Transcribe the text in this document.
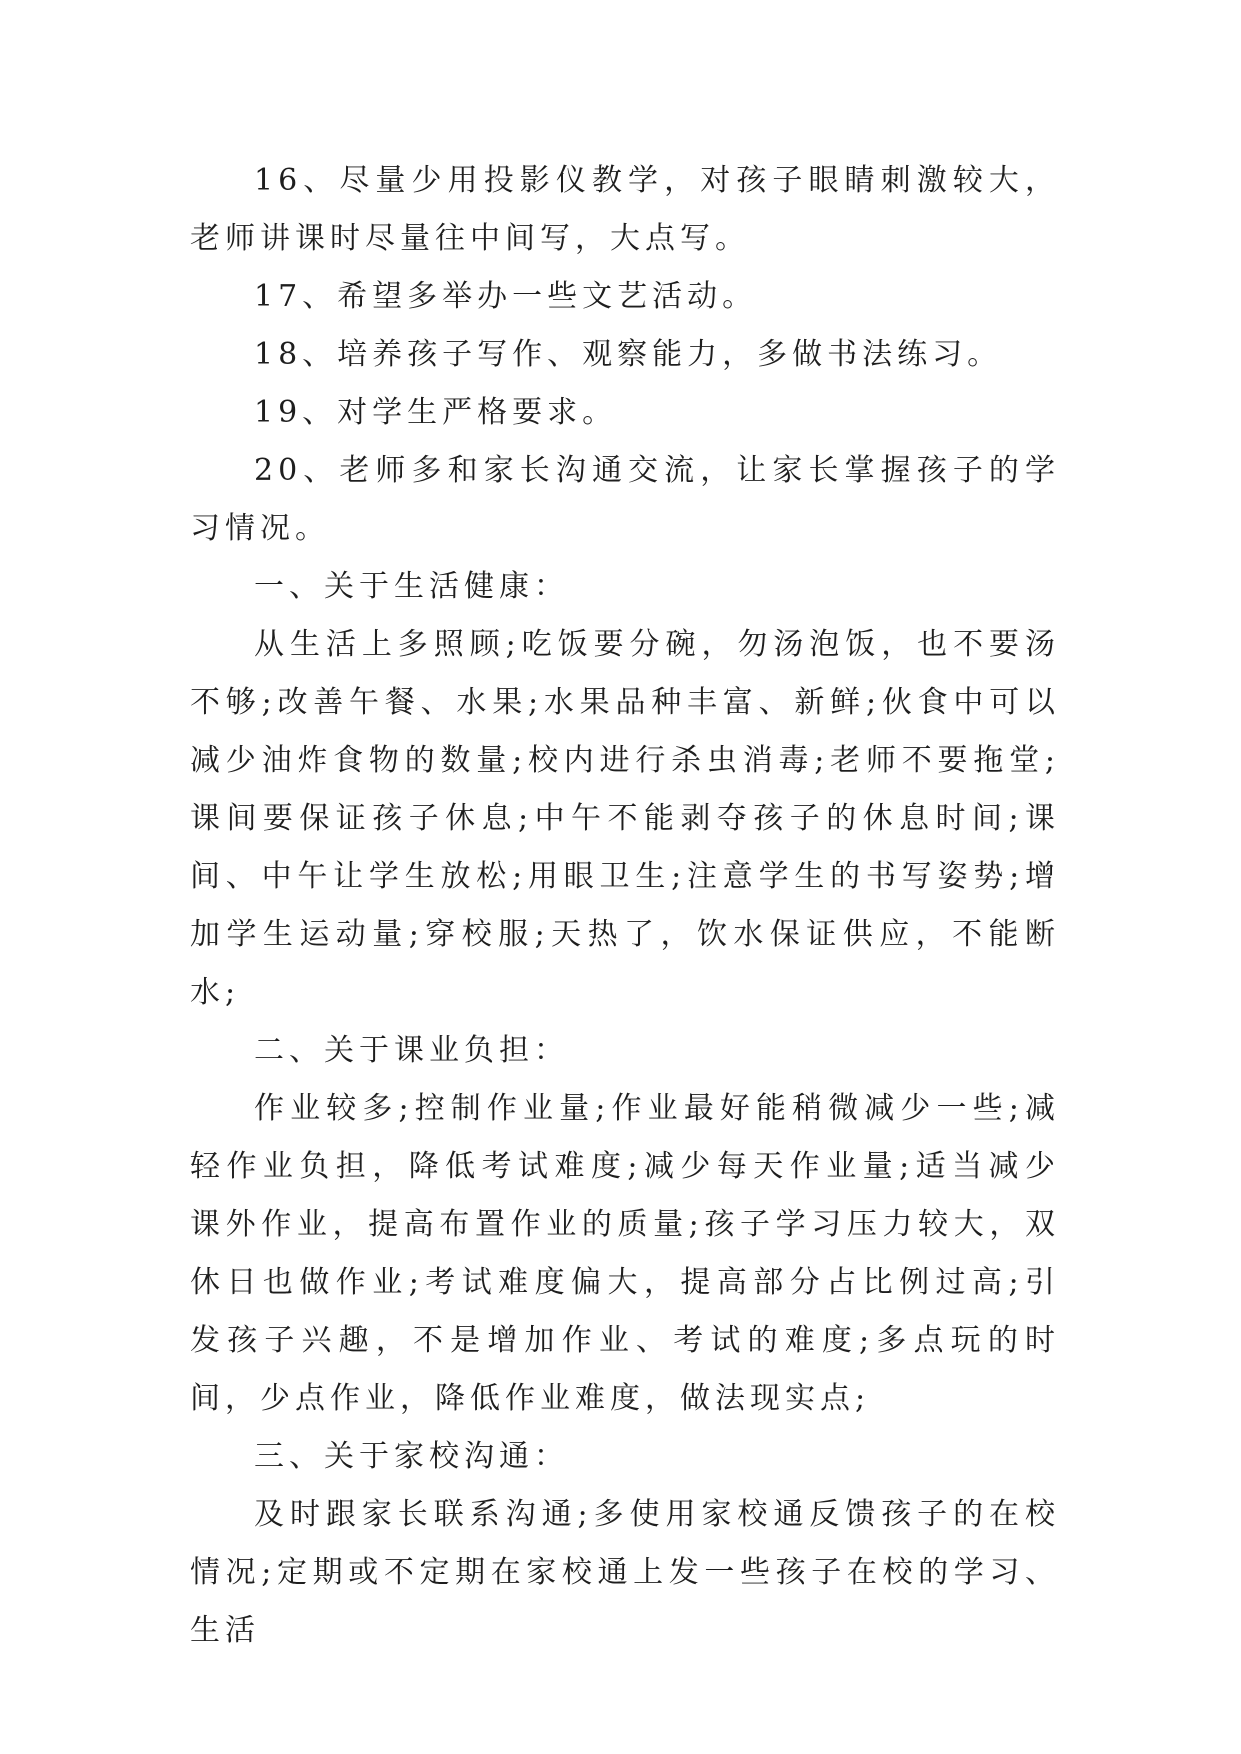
16、尽量少用投影仪教学，对孩子眼睛刺激较大，老师讲课时尽量往中间写，大点写。

17、希望多举办一些文艺活动。

18、培养孩子写作、观察能力，多做书法练习。

19、对学生严格要求。

20、老师多和家长沟通交流，让家长掌握孩子的学习情况。

一、关于生活健康：

从生活上多照顾;吃饭要分碗，勿汤泡饭，也不要汤不够;改善午餐、水果;水果品种丰富、新鲜;伙食中可以减少油炸食物的数量;校内进行杀虫消毒;老师不要拖堂;课间要保证孩子休息;中午不能剥夺孩子的休息时间;课间、中午让学生放松;用眼卫生;注意学生的书写姿势;增加学生运动量;穿校服;天热了，饮水保证供应，不能断水;

二、关于课业负担：

作业较多;控制作业量;作业最好能稍微减少一些;减轻作业负担，降低考试难度;减少每天作业量;适当减少课外作业，提高布置作业的质量;孩子学习压力较大，双休日也做作业;考试难度偏大，提高部分占比例过高;引发孩子兴趣，不是增加作业、考试的难度;多点玩的时间，少点作业，降低作业难度，做法现实点;

三、关于家校沟通：

及时跟家长联系沟通;多使用家校通反馈孩子的在校情况;定期或不定期在家校通上发一些孩子在校的学习、生活
